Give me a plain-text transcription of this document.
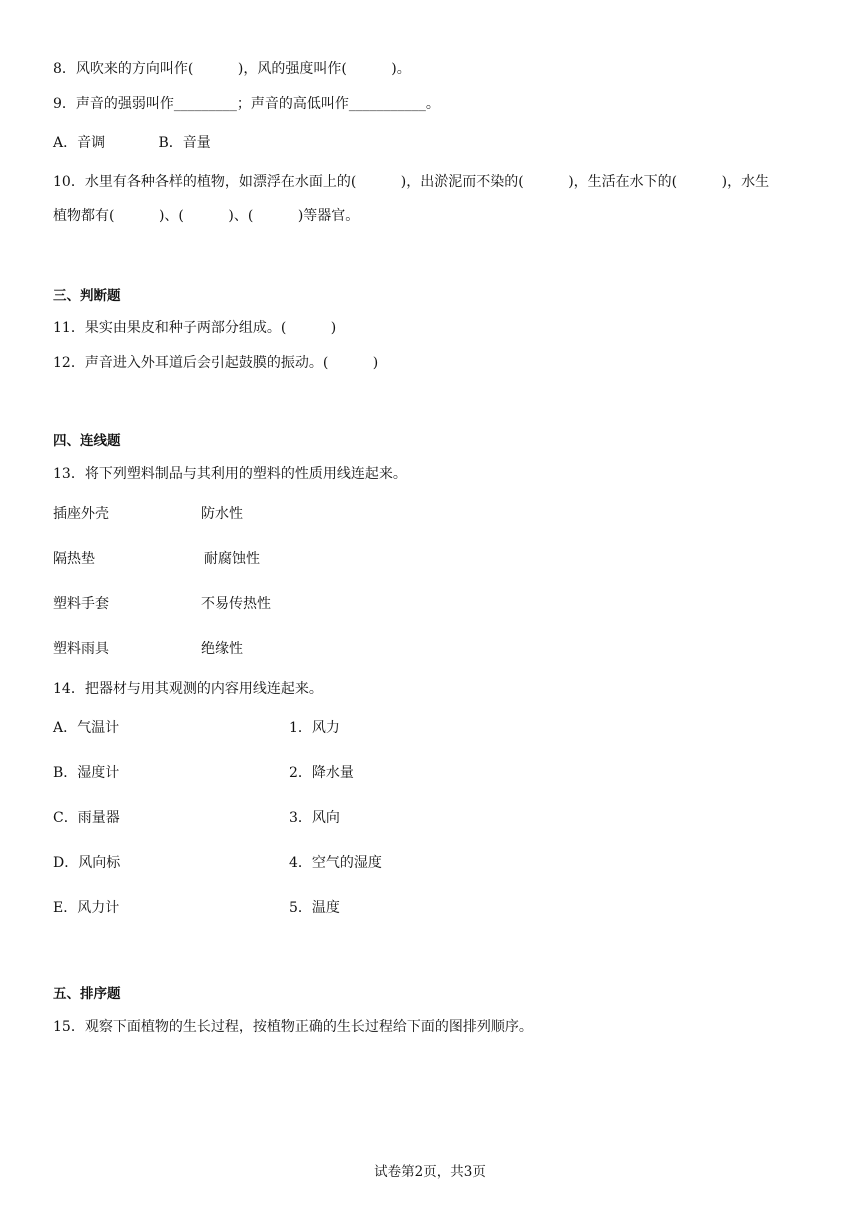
8．风吹来的方向叫作(          )，风的强度叫作(          )。
9．声音的强弱叫作_________；声音的高低叫作___________。
A．音调            B．音量
10．水里有各种各样的植物，如漂浮在水面上的(          )，出淤泥而不染的(          )，生活在水下的(          )，水生
植物都有(          )、(          )、(          )等器官。
三、判断题
11．果实由果皮和种子两部分组成。(          )
12．声音进入外耳道后会引起鼓膜的振动。(          )
四、连线题
13．将下列塑料制品与其利用的塑料的性质用线连起来。
插座外壳	防水性
隔热垫	耐腐蚀性
塑料手套	不易传热性
塑料雨具	绝缘性
14．把器材与用其观测的内容用线连起来。
A．气温计	1．风力
B．湿度计	2．降水量
C．雨量器	3．风向
D．风向标	4．空气的湿度
E．风力计	5．温度
五、排序题
15．观察下面植物的生长过程，按植物正确的生长过程给下面的图排列顺序。
试卷第2页，共3页
